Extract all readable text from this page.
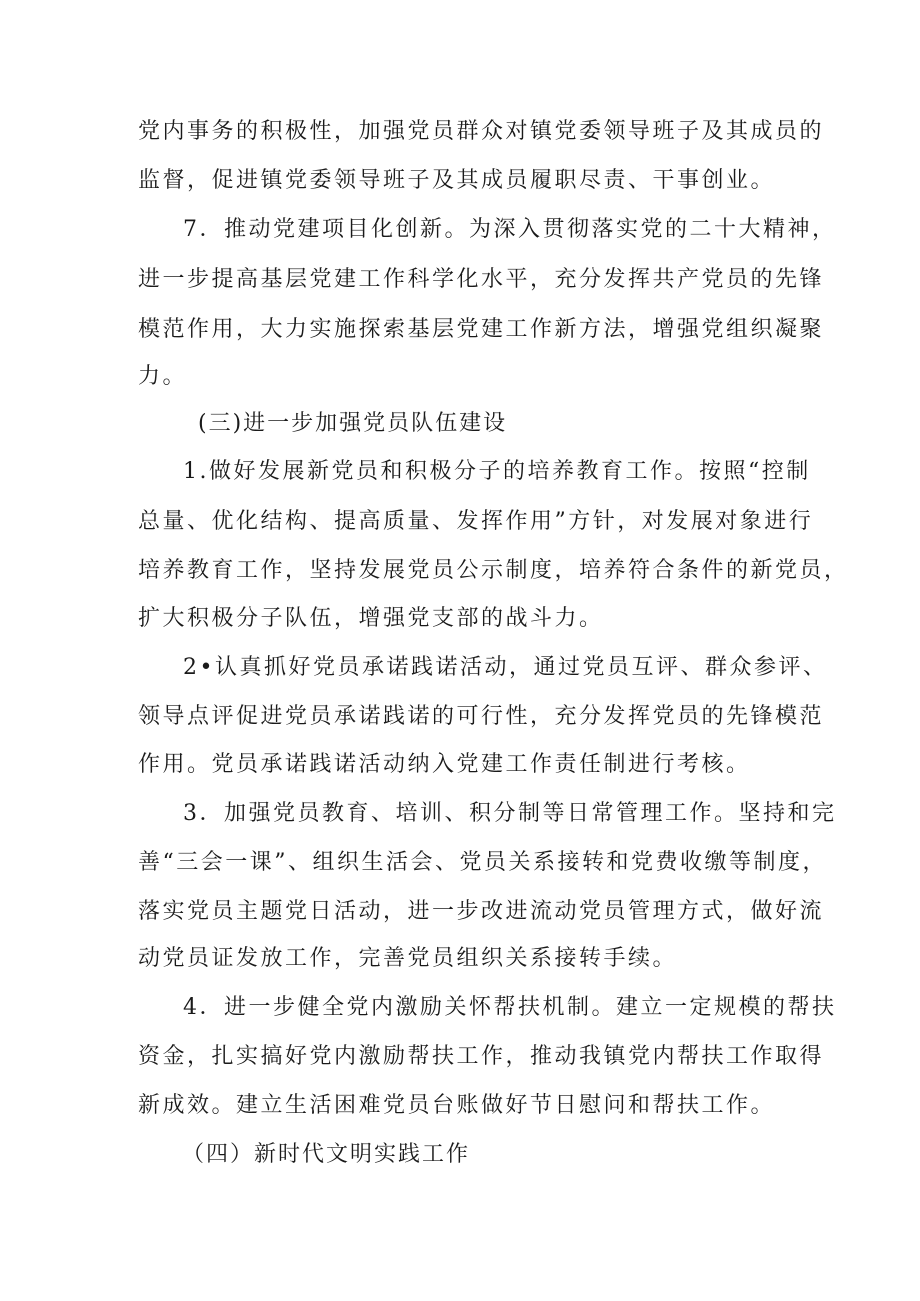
党内事务的积极性，加强党员群众对镇党委领导班子及其成员的
监督，促进镇党委领导班子及其成员履职尽责、干事创业。
7．推动党建项目化创新。为深入贯彻落实党的二十大精神，
进一步提高基层党建工作科学化水平，充分发挥共产党员的先锋
模范作用，大力实施探索基层党建工作新方法，增强党组织凝聚
力。
(三)进一步加强党员队伍建设
1.做好发展新党员和积极分子的培养教育工作。按照“控制
总量、优化结构、提高质量、发挥作用”方针，对发展对象进行
培养教育工作，坚持发展党员公示制度，培养符合条件的新党员，
扩大积极分子队伍，增强党支部的战斗力。
2•认真抓好党员承诺践诺活动，通过党员互评、群众参评、
领导点评促进党员承诺践诺的可行性，充分发挥党员的先锋模范
作用。党员承诺践诺活动纳入党建工作责任制进行考核。
3．加强党员教育、培训、积分制等日常管理工作。坚持和完
善“三会一课”、组织生活会、党员关系接转和党费收缴等制度，
落实党员主题党日活动，进一步改进流动党员管理方式，做好流
动党员证发放工作，完善党员组织关系接转手续。
4．进一步健全党内激励关怀帮扶机制。建立一定规模的帮扶
资金，扎实搞好党内激励帮扶工作，推动我镇党内帮扶工作取得
新成效。建立生活困难党员台账做好节日慰问和帮扶工作。
（四）新时代文明实践工作
